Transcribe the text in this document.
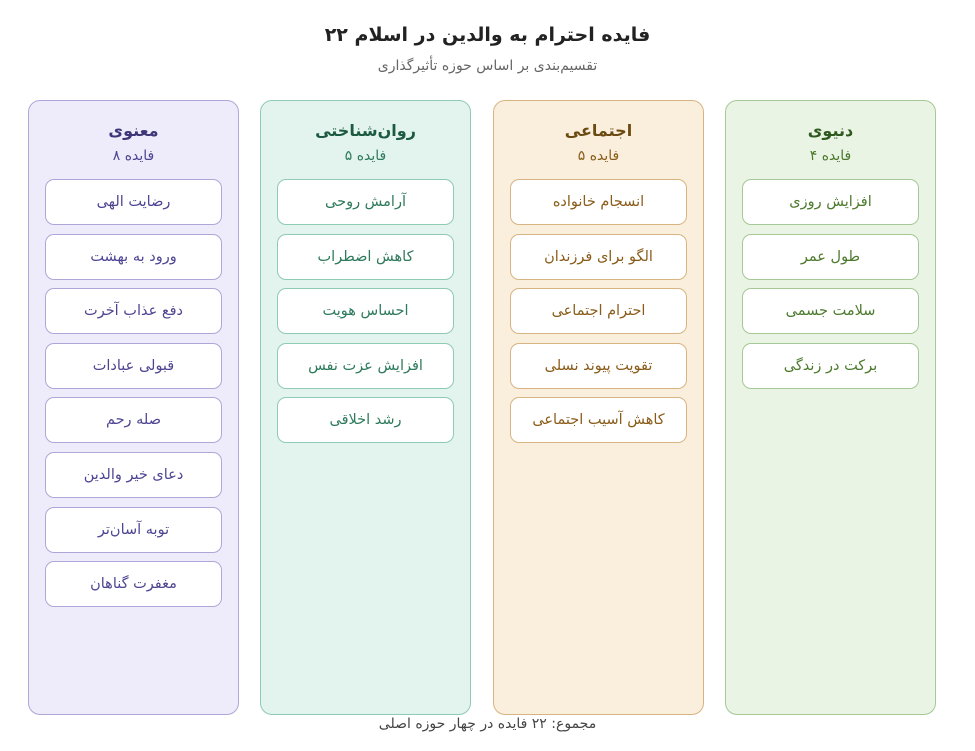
فایده احترام به والدین در اسلام ۲۲
تقسیم‌بندی بر اساس حوزه تأثیرگذاری
دنیوی
فایده ۴
افزایش روزی
طول عمر
سلامت جسمی
برکت در زندگی
اجتماعی
فایده ۵
انسجام خانواده
الگو برای فرزندان
احترام اجتماعی
تقویت پیوند نسلی
کاهش آسیب اجتماعی
روان‌شناختی
فایده ۵
آرامش روحی
کاهش اضطراب
احساس هویت
افزایش عزت نفس
رشد اخلاقی
معنوی
فایده ۸
رضایت الهی
ورود به بهشت
دفع عذاب آخرت
قبولی عبادات
صله رحم
دعای خیر والدین
توبه آسان‌تر
مغفرت گناهان
مجموع: ۲۲ فایده در چهار حوزه اصلی
